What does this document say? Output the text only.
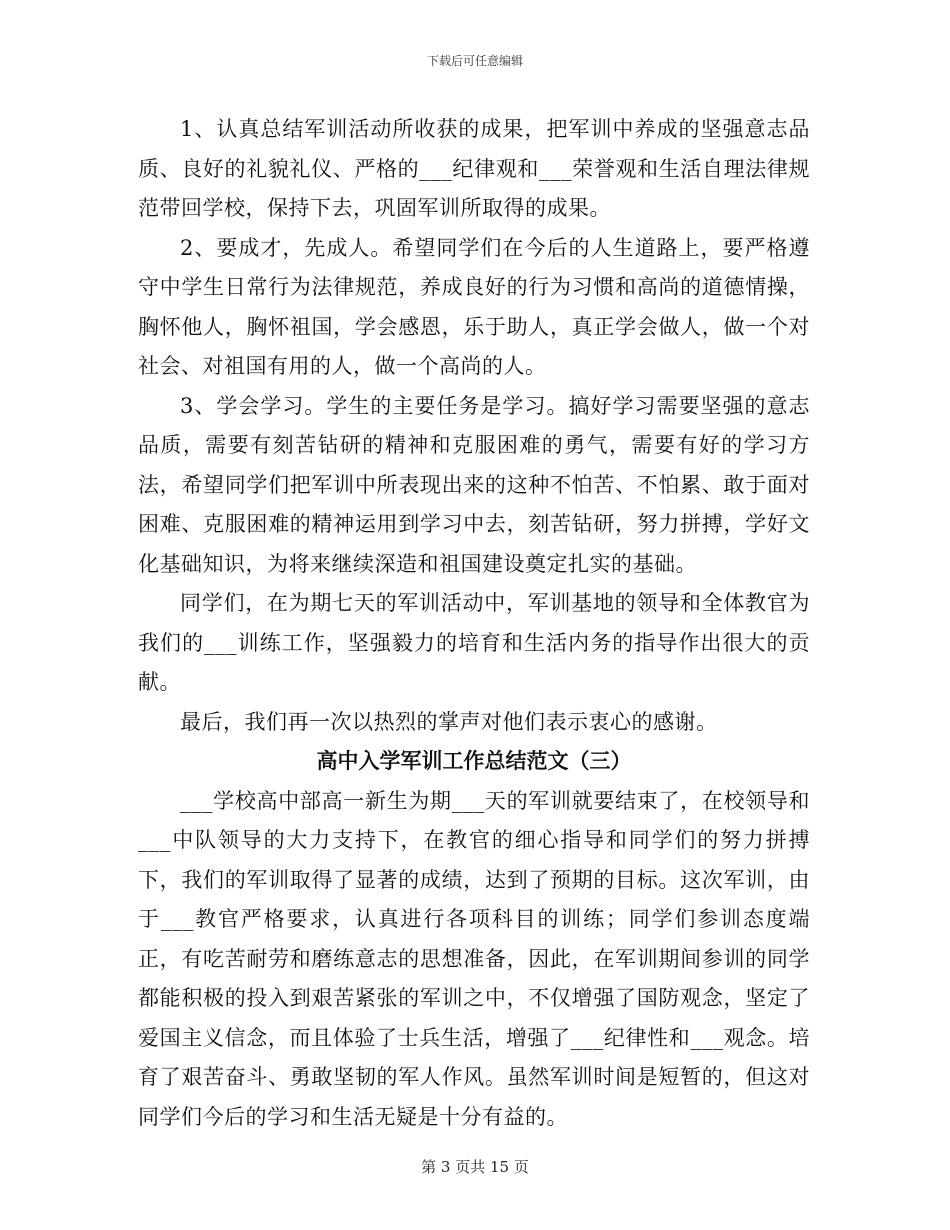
下载后可任意编辑

1、认真总结军训活动所收获的成果，把军训中养成的坚强意志品质、良好的礼貌礼仪、严格的___纪律观和___荣誉观和生活自理法律规范带回学校，保持下去，巩固军训所取得的成果。

2、要成才，先成人。希望同学们在今后的人生道路上，要严格遵守中学生日常行为法律规范，养成良好的行为习惯和高尚的道德情操，胸怀他人，胸怀祖国，学会感恩，乐于助人，真正学会做人，做一个对社会、对祖国有用的人，做一个高尚的人。

3、学会学习。学生的主要任务是学习。搞好学习需要坚强的意志品质，需要有刻苦钻研的精神和克服困难的勇气，需要有好的学习方法，希望同学们把军训中所表现出来的这种不怕苦、不怕累、敢于面对困难、克服困难的精神运用到学习中去，刻苦钻研，努力拼搏，学好文化基础知识，为将来继续深造和祖国建设奠定扎实的基础。

同学们，在为期七天的军训活动中，军训基地的领导和全体教官为我们的___训练工作，坚强毅力的培育和生活内务的指导作出很大的贡献。

最后，我们再一次以热烈的掌声对他们表示衷心的感谢。

高中入学军训工作总结范文（三）

___学校高中部高一新生为期___天的军训就要结束了，在校领导和___中队领导的大力支持下，在教官的细心指导和同学们的努力拼搏下，我们的军训取得了显著的成绩，达到了预期的目标。这次军训，由于___教官严格要求，认真进行各项科目的训练；同学们参训态度端正，有吃苦耐劳和磨练意志的思想准备，因此，在军训期间参训的同学都能积极的投入到艰苦紧张的军训之中，不仅增强了国防观念，坚定了爱国主义信念，而且体验了士兵生活，增强了___纪律性和___观念。培育了艰苦奋斗、勇敢坚韧的军人作风。虽然军训时间是短暂的，但这对同学们今后的学习和生活无疑是十分有益的。

第 3 页共 15 页
